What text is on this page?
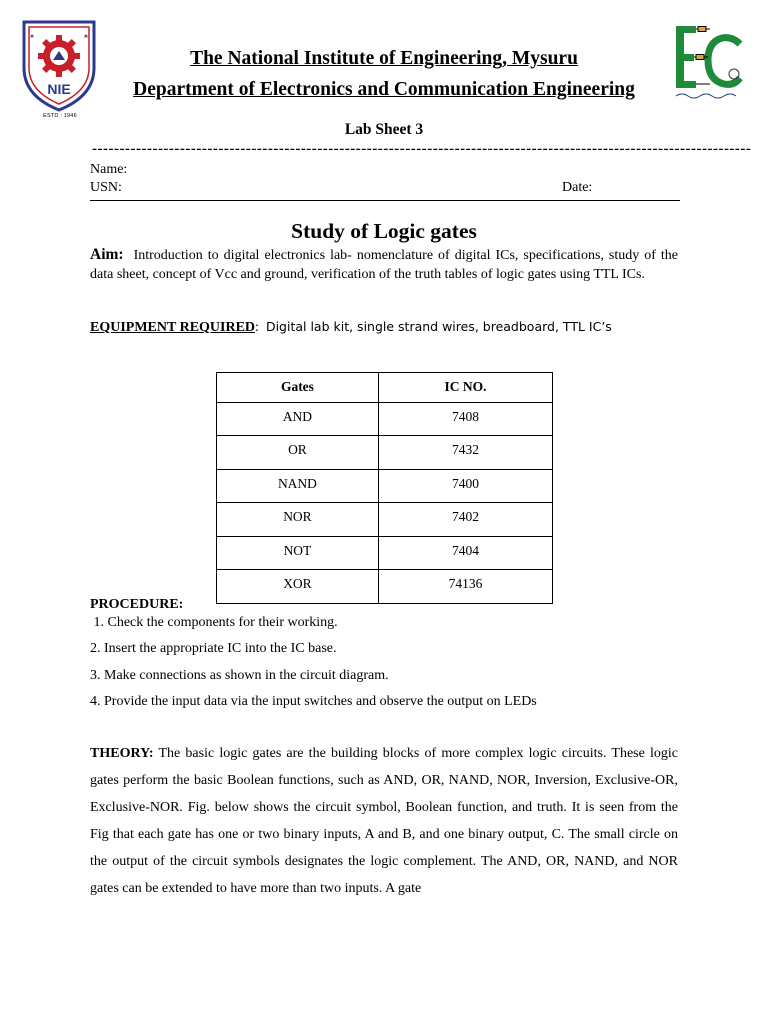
NIE
ESTD : 1946
The National Institute of Engineering, Mysuru
Department of Electronics and Communication Engineering
Lab Sheet 3
------------------------------------------------------------------------------------------------------------------------
Name:
USN:	Date:
Study of Logic gates
Aim: Introduction to digital electronics lab- nomenclature of digital ICs, specifications, study of the data sheet, concept of Vcc and ground, verification of the truth tables of logic gates using TTL ICs.
EQUIPMENT REQUIRED:  Digital lab kit, single strand wires, breadboard, TTL IC’s
Gates	IC NO.
AND	7408
OR	7432
NAND	7400
NOR	7402
NOT	7404
XOR	74136
PROCEDURE:
1. Check the components for their working.
2. Insert the appropriate IC into the IC base.
3. Make connections as shown in the circuit diagram.
4. Provide the input data via the input switches and observe the output on LEDs
THEORY: The basic logic gates are the building blocks of more complex logic circuits. These logic gates perform the basic Boolean functions, such as AND, OR, NAND, NOR, Inversion, Exclusive-OR, Exclusive-NOR. Fig. below shows the circuit symbol, Boolean function, and truth. It is seen from the Fig that each gate has one or two binary inputs, A and B, and one binary output, C. The small circle on the output of the circuit symbols designates the logic complement. The AND, OR, NAND, and NOR gates can be extended to have more than two inputs. A gate
